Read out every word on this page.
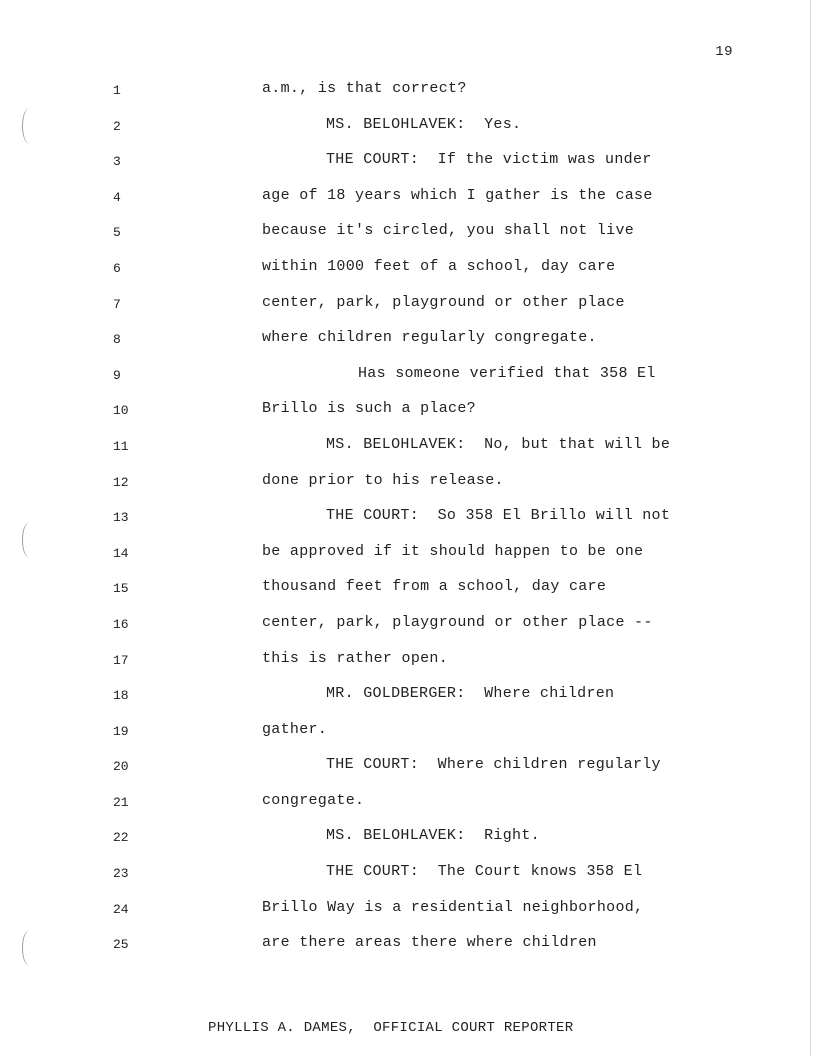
19
1	a.m., is that correct?
2	MS. BELOHLAVEK:  Yes.
3	THE COURT:  If the victim was under
4	age of 18 years which I gather is the case
5	because it's circled, you shall not live
6	within 1000 feet of a school, day care
7	center, park, playground or other place
8	where children regularly congregate.
9	Has someone verified that 358 El
10	Brillo is such a place?
11	MS. BELOHLAVEK:  No, but that will be
12	done prior to his release.
13	THE COURT:  So 358 El Brillo will not
14	be approved if it should happen to be one
15	thousand feet from a school, day care
16	center, park, playground or other place --
17	this is rather open.
18	MR. GOLDBERGER:  Where children
19	gather.
20	THE COURT:  Where children regularly
21	congregate.
22	MS. BELOHLAVEK:  Right.
23	THE COURT:  The Court knows 358 El
24	Brillo Way is a residential neighborhood,
25	are there areas there where children

PHYLLIS A. DAMES,  OFFICIAL COURT REPORTER
